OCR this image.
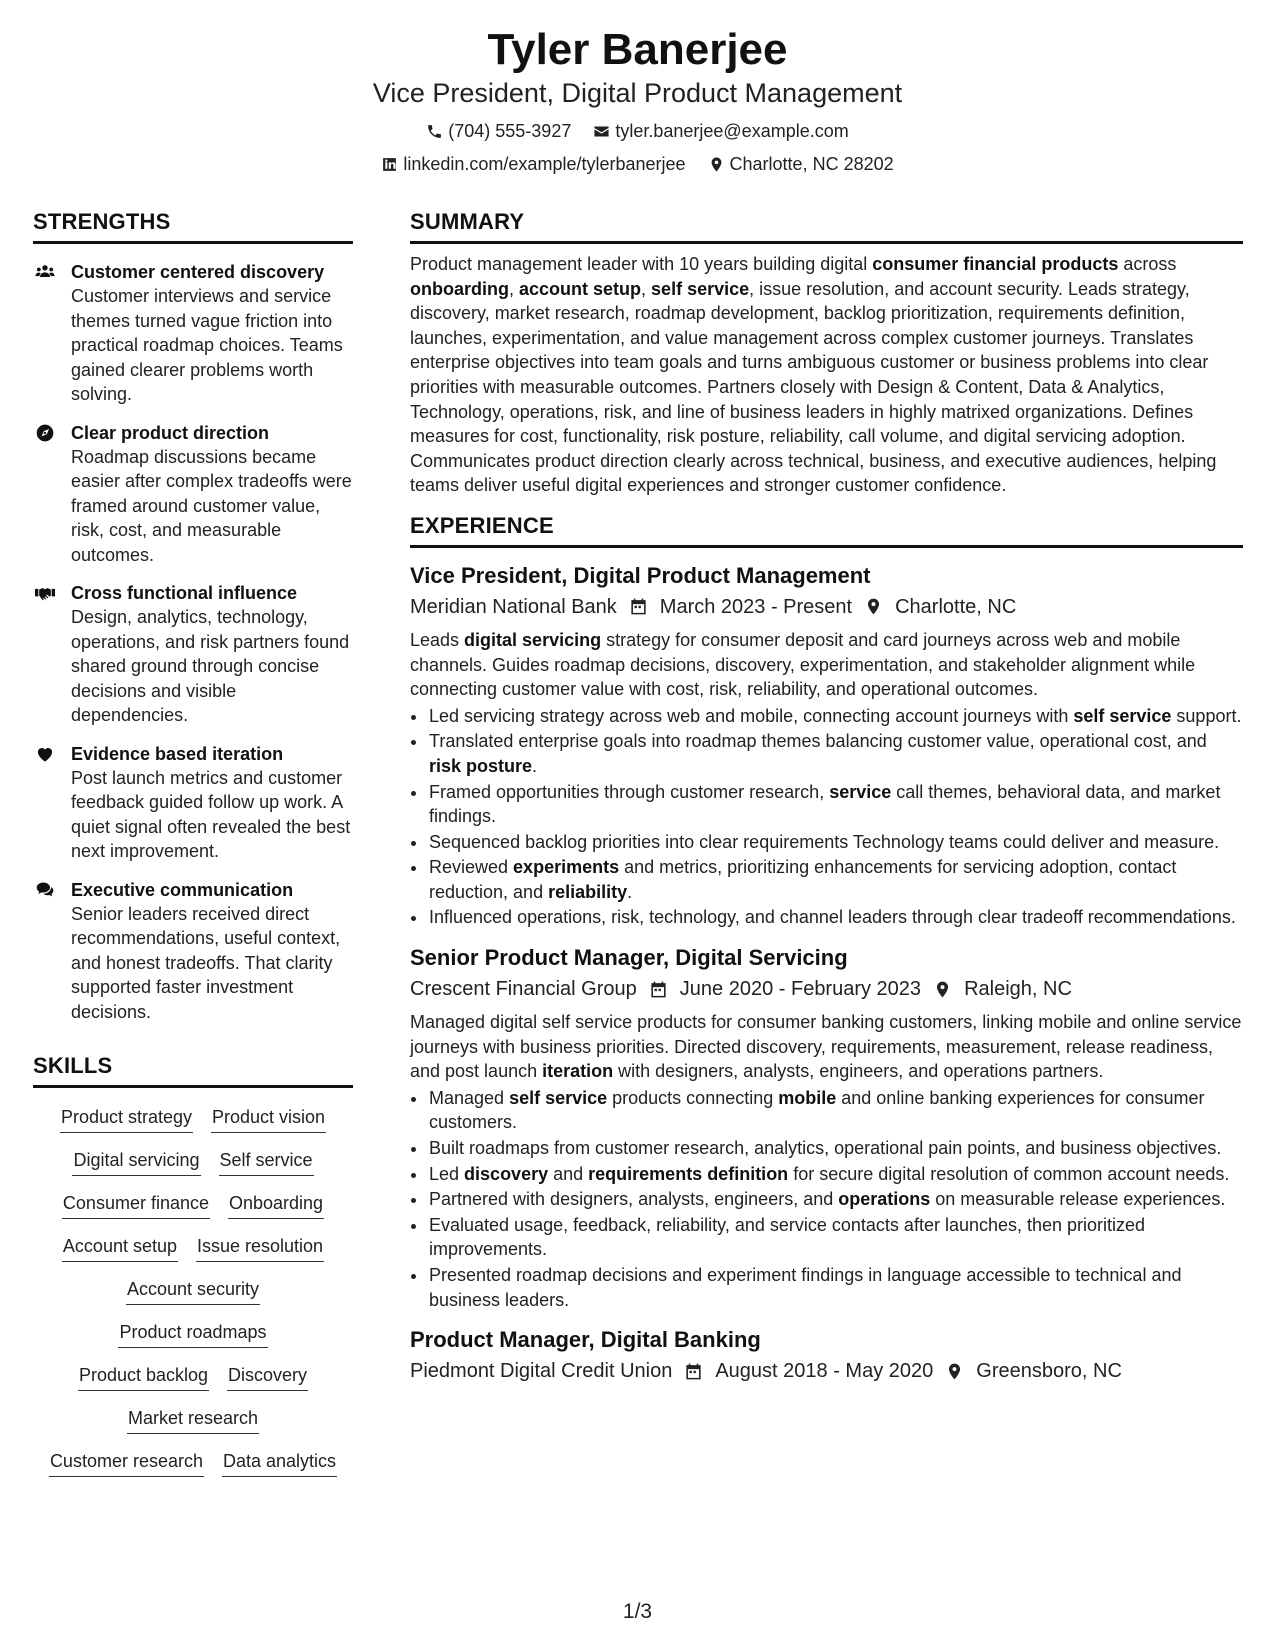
Tyler Banerjee
Vice President, Digital Product Management
(704) 555-3927 tyler.banerjee@example.com
linkedin.com/example/tylerbanerjee Charlotte, NC 28202
STRENGTHS
Customer centered discovery
Customer interviews and service themes turned vague friction into practical roadmap choices. Teams gained clearer problems worth solving.
Clear product direction
Roadmap discussions became easier after complex tradeoffs were framed around customer value, risk, cost, and measurable outcomes.
Cross functional influence
Design, analytics, technology, operations, and risk partners found shared ground through concise decisions and visible dependencies.
Evidence based iteration
Post launch metrics and customer feedback guided follow up work. A quiet signal often revealed the best next improvement.
Executive communication
Senior leaders received direct recommendations, useful context, and honest tradeoffs. That clarity supported faster investment decisions.
SKILLS
Product strategy Product vision
Digital servicing Self service
Consumer finance Onboarding
Account setup Issue resolution
Account security
Product roadmaps
Product backlog Discovery
Market research
Customer research Data analytics
SUMMARY
Product management leader with 10 years building digital consumer financial products across onboarding, account setup, self service, issue resolution, and account security. Leads strategy, discovery, market research, roadmap development, backlog prioritization, requirements definition, launches, experimentation, and value management across complex customer journeys. Translates enterprise objectives into team goals and turns ambiguous customer or business problems into clear priorities with measurable outcomes. Partners closely with Design & Content, Data & Analytics, Technology, operations, risk, and line of business leaders in highly matrixed organizations. Defines measures for cost, functionality, risk posture, reliability, call volume, and digital servicing adoption. Communicates product direction clearly across technical, business, and executive audiences, helping teams deliver useful digital experiences and stronger customer confidence.
EXPERIENCE
Vice President, Digital Product Management
Meridian National Bank March 2023 - Present Charlotte, NC
Leads digital servicing strategy for consumer deposit and card journeys across web and mobile channels. Guides roadmap decisions, discovery, experimentation, and stakeholder alignment while connecting customer value with cost, risk, reliability, and operational outcomes.
• Led servicing strategy across web and mobile, connecting account journeys with self service support.
• Translated enterprise goals into roadmap themes balancing customer value, operational cost, and risk posture.
• Framed opportunities through customer research, service call themes, behavioral data, and market findings.
• Sequenced backlog priorities into clear requirements Technology teams could deliver and measure.
• Reviewed experiments and metrics, prioritizing enhancements for servicing adoption, contact reduction, and reliability.
• Influenced operations, risk, technology, and channel leaders through clear tradeoff recommendations.
Senior Product Manager, Digital Servicing
Crescent Financial Group June 2020 - February 2023 Raleigh, NC
Managed digital self service products for consumer banking customers, linking mobile and online service journeys with business priorities. Directed discovery, requirements, measurement, release readiness, and post launch iteration with designers, analysts, engineers, and operations partners.
• Managed self service products connecting mobile and online banking experiences for consumer customers.
• Built roadmaps from customer research, analytics, operational pain points, and business objectives.
• Led discovery and requirements definition for secure digital resolution of common account needs.
• Partnered with designers, analysts, engineers, and operations on measurable release experiences.
• Evaluated usage, feedback, reliability, and service contacts after launches, then prioritized improvements.
• Presented roadmap decisions and experiment findings in language accessible to technical and business leaders.
Product Manager, Digital Banking
Piedmont Digital Credit Union August 2018 - May 2020 Greensboro, NC
1/3
